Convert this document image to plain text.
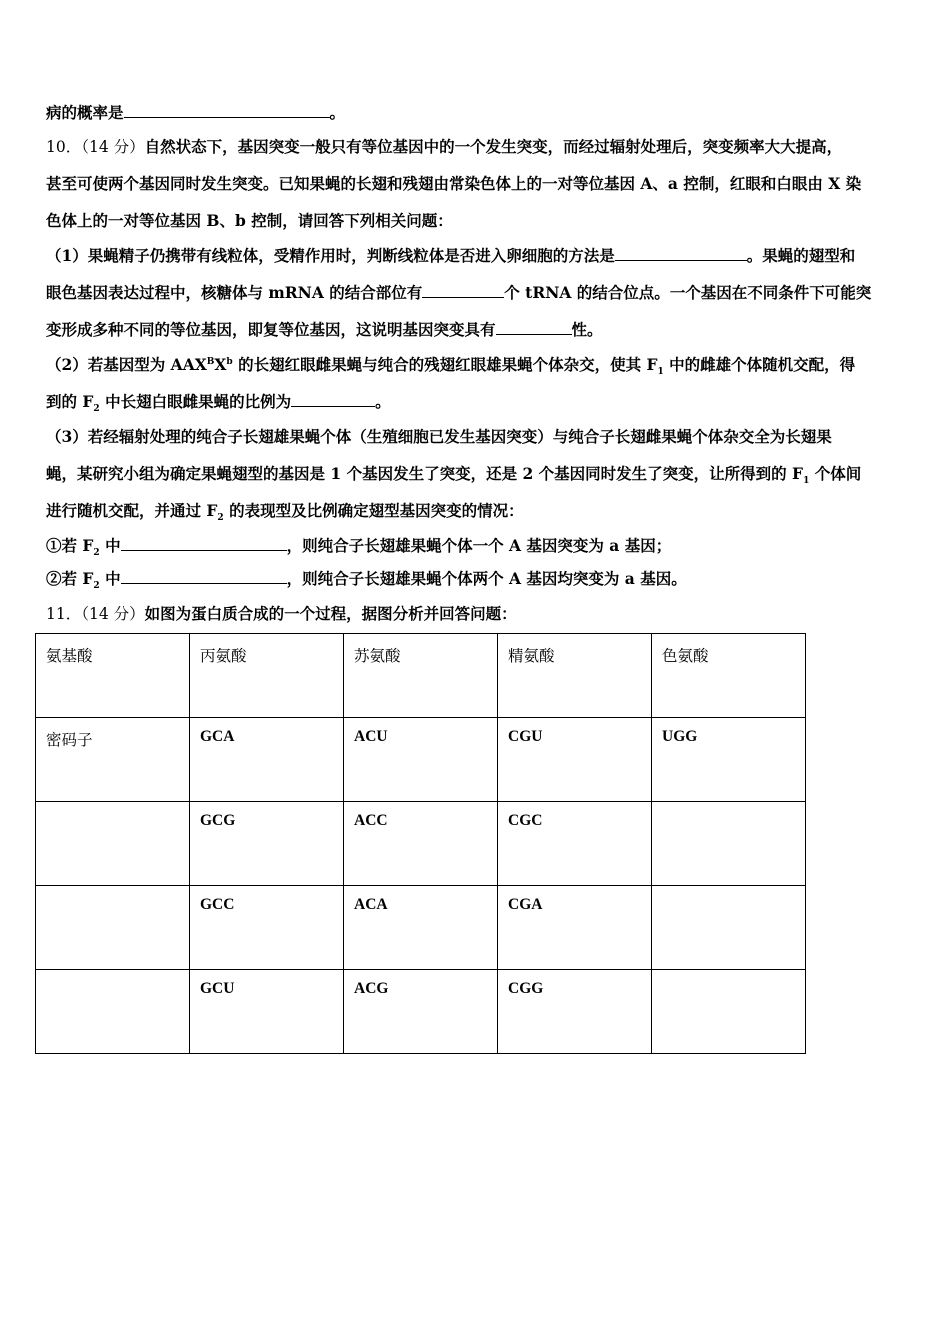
病的概率是	。
10．（14 分）自然状态下，基因突变一般只有等位基因中的一个发生突变，而经过辐射处理后，突变频率大大提高，
甚至可使两个基因同时发生突变。已知果蝇的长翅和残翅由常染色体上的一对等位基因 A、a 控制，红眼和白眼由 X 染
色体上的一对等位基因 B、b 控制，请回答下列相关问题：
（1）果蝇精子仍携带有线粒体，受精作用时，判断线粒体是否进入卵细胞的方法是	。果蝇的翅型和
眼色基因表达过程中，核糖体与 mRNA 的结合部位有	个 tRNA 的结合位点。一个基因在不同条件下可能突
变形成多种不同的等位基因，即复等位基因，这说明基因突变具有	性。
（2）若基因型为 $AAX^BX^b$ 的长翅红眼雌果蝇与纯合的残翅红眼雄果蝇个体杂交，使其 $F_1$ 中的雌雄个体随机交配，得
到的 $F_2$ 中长翅白眼雌果蝇的比例为	。
（3）若经辐射处理的纯合子长翅雄果蝇个体（生殖细胞已发生基因突变）与纯合子长翅雌果蝇个体杂交全为长翅果
蝇，某研究小组为确定果蝇翅型的基因是 1 个基因发生了突变，还是 2 个基因同时发生了突变，让所得到的 $F_1$ 个体间
进行随机交配，并通过 $F_2$ 的表现型及比例确定翅型基因突变的情况：
①若 $F_2$ 中	，则纯合子长翅雄果蝇个体一个 A 基因突变为 a 基因；
②若 $F_2$ 中	，则纯合子长翅雄果蝇个体两个 A 基因均突变为 a 基因。
11．（14 分）如图为蛋白质合成的一个过程，据图分析并回答问题：
氨基酸	丙氨酸	苏氨酸	精氨酸	色氨酸
密码子	GCA	ACU	CGU	UGG
	GCG	ACC	CGC	
	GCC	ACA	CGA	
	GCU	ACG	CGG	
